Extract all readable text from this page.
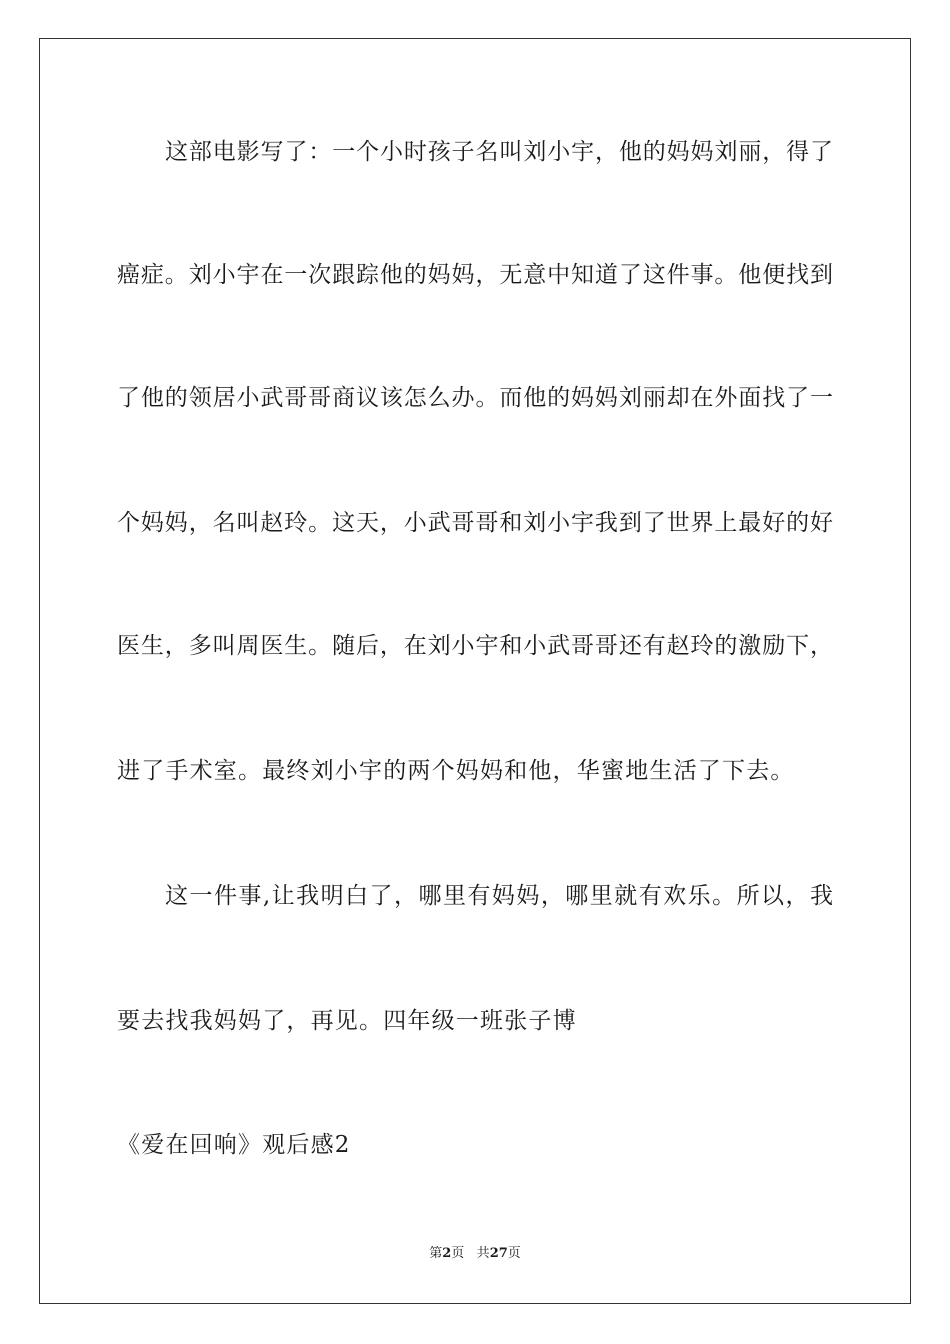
这部电影写了：一个小时孩子名叫刘小宇，他的妈妈刘丽，得了
癌症。刘小宇在一次跟踪他的妈妈，无意中知道了这件事。他便找到
了他的领居小武哥哥商议该怎么办。而他的妈妈刘丽却在外面找了一
个妈妈，名叫赵玲。这天，小武哥哥和刘小宇我到了世界上最好的好
医生，多叫周医生。随后，在刘小宇和小武哥哥还有赵玲的激励下，
进了手术室。最终刘小宇的两个妈妈和他，华蜜地生活了下去。
这一件事,让我明白了，哪里有妈妈，哪里就有欢乐。所以，我
要去找我妈妈了，再见。四年级一班张子博
《爱在回响》观后感2
第2页 共27页
